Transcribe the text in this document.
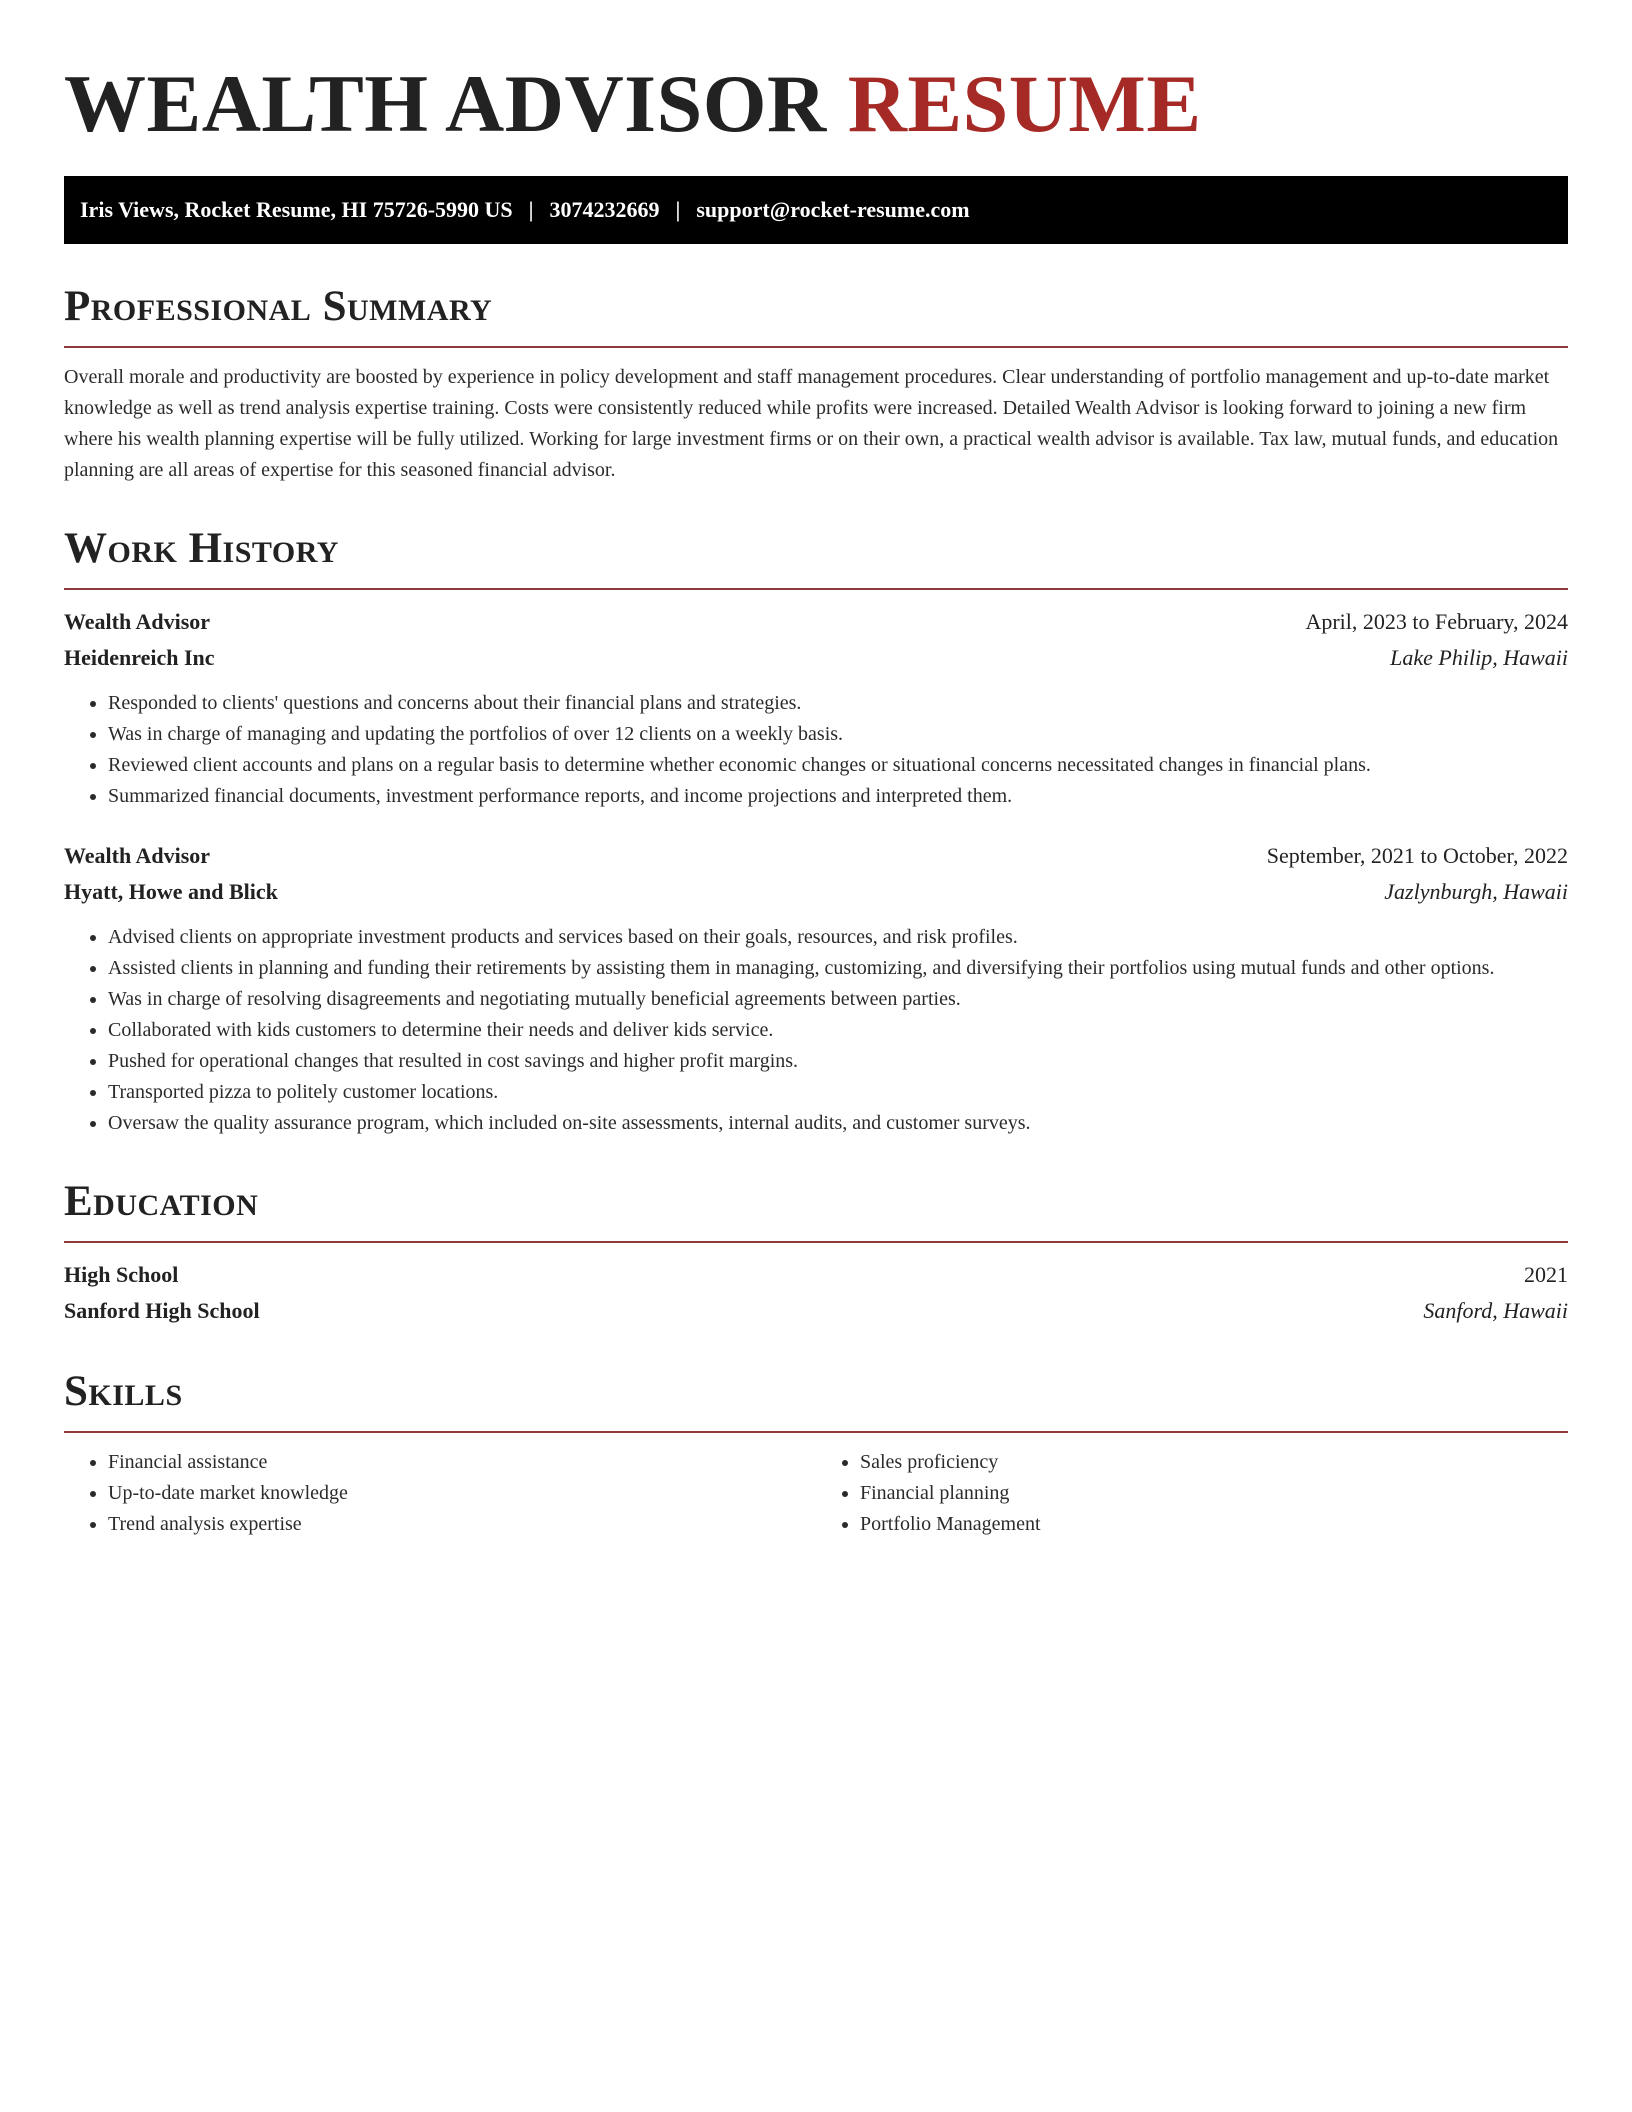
WEALTH ADVISOR RESUME
Iris Views, Rocket Resume, HI 75726-5990 US | 3074232669 | support@rocket-resume.com
Professional Summary

Overall morale and productivity are boosted by experience in policy development and staff management procedures. Clear understanding of portfolio management and up-to-date market knowledge as well as trend analysis expertise training. Costs were consistently reduced while profits were increased. Detailed Wealth Advisor is looking forward to joining a new firm where his wealth planning expertise will be fully utilized. Working for large investment firms or on their own, a practical wealth advisor is available. Tax law, mutual funds, and education planning are all areas of expertise for this seasoned financial advisor.

Work History
Wealth Advisor	April, 2023 to February, 2024
Heidenreich Inc	Lake Philip, Hawaii
• Responded to clients' questions and concerns about their financial plans and strategies.
• Was in charge of managing and updating the portfolios of over 12 clients on a weekly basis.
• Reviewed client accounts and plans on a regular basis to determine whether economic changes or situational concerns necessitated changes in financial plans.
• Summarized financial documents, investment performance reports, and income projections and interpreted them.
Wealth Advisor	September, 2021 to October, 2022
Hyatt, Howe and Blick	Jazlynburgh, Hawaii
• Advised clients on appropriate investment products and services based on their goals, resources, and risk profiles.
• Assisted clients in planning and funding their retirements by assisting them in managing, customizing, and diversifying their portfolios using mutual funds and other options.
• Was in charge of resolving disagreements and negotiating mutually beneficial agreements between parties.
• Collaborated with kids customers to determine their needs and deliver kids service.
• Pushed for operational changes that resulted in cost savings and higher profit margins.
• Transported pizza to politely customer locations.
• Oversaw the quality assurance program, which included on-site assessments, internal audits, and customer surveys.
Education
High School	2021
Sanford High School	Sanford, Hawaii
Skills
• Financial assistance
• Up-to-date market knowledge
• Trend analysis expertise
• Sales proficiency
• Financial planning
• Portfolio Management
